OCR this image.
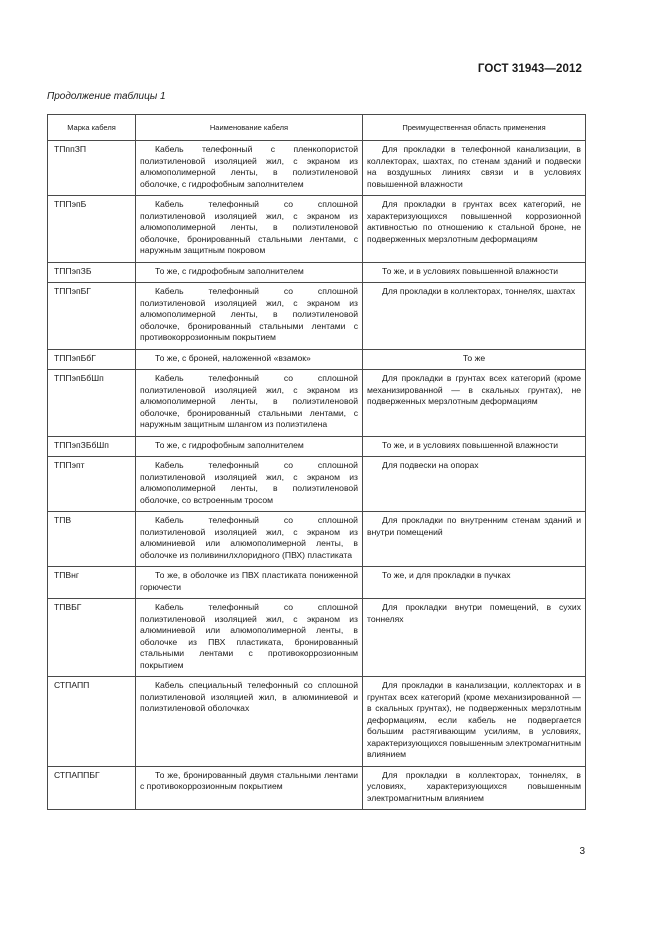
ГОСТ 31943—2012
Продолжение таблицы 1
Марка кабеля	Наименование кабеля	Преимущественная область применения
ТПппЗП	Кабель телефонный с пленкопористой полиэтиленовой изоляцией жил, с экраном из алюмополимерной ленты, в полиэтиленовой оболочке, с гидрофобным заполнителем	Для прокладки в телефонной канализации, в коллекторах, шахтах, по стенам зданий и подвески на воздушных линиях связи и в условиях повышенной влажности
ТППэпБ	Кабель телефонный со сплошной полиэтиленовой изоляцией жил, с экраном из алюмополимерной ленты, в полиэтиленовой оболочке, бронированный стальными лентами, с наружным защитным покровом	Для прокладки в грунтах всех категорий, не характеризующихся повышенной коррозионной активностью по отношению к стальной броне, не подверженных мерзлотным деформациям
ТППэпЗБ	То же, с гидрофобным заполнителем	То же, и в условиях повышенной влажности
ТППэпБГ	Кабель телефонный со сплошной полиэтиленовой изоляцией жил, с экраном из алюмополимерной ленты, в полиэтиленовой оболочке, бронированный стальными лентами с противокоррозионным покрытием	Для прокладки в коллекторах, тоннелях, шахтах
ТППэпБбГ	То же, с броней, наложенной «взамок»	То же
ТППэпБбШп	Кабель телефонный со сплошной полиэтиленовой изоляцией жил, с экраном из алюмополимерной ленты, в полиэтиленовой оболочке, бронированный стальными лентами, с наружным защитным шлангом из полиэтилена	Для прокладки в грунтах всех категорий (кроме механизированной — в скальных грунтах), не подверженных мерзлотным деформациям
ТППэпЗБбШп	То же, с гидрофобным заполнителем	То же, и в условиях повышенной влажности
ТППэпт	Кабель телефонный со сплошной полиэтиленовой изоляцией жил, с экраном из алюмополимерной ленты, в полиэтиленовой оболочке, со встроенным тросом	Для подвески на опорах
ТПВ	Кабель телефонный со сплошной полиэтиленовой изоляцией жил, с экраном из алюминиевой или алюмополимерной ленты, в оболочке из поливинилхлоридного (ПВХ) пластиката	Для прокладки по внутренним стенам зданий и внутри помещений
ТПВнг	То же, в оболочке из ПВХ пластиката пониженной горючести	То же, и для прокладки в пучках
ТПВБГ	Кабель телефонный со сплошной полиэтиленовой изоляцией жил, с экраном из алюминиевой или алюмополимерной ленты, в оболочке из ПВХ пластиката, бронированный стальными лентами с противокоррозионным покрытием	Для прокладки внутри помещений, в сухих тоннелях
СТПАПП	Кабель специальный телефонный со сплошной полиэтиленовой изоляцией жил, в алюминиевой и полиэтиленовой оболочках	Для прокладки в канализации, коллекторах и в грунтах всех категорий (кроме механизированной — в скальных грунтах), не подверженных мерзлотным деформациям, если кабель не подвергается большим растягивающим усилиям, в условиях, характеризующихся повышенным электромагнитным влиянием
СТПАППБГ	То же, бронированный двумя стальными лентами с противокоррозионным покрытием	Для прокладки в коллекторах, тоннелях, в условиях, характеризующихся повышенным электромагнитным влиянием
3
